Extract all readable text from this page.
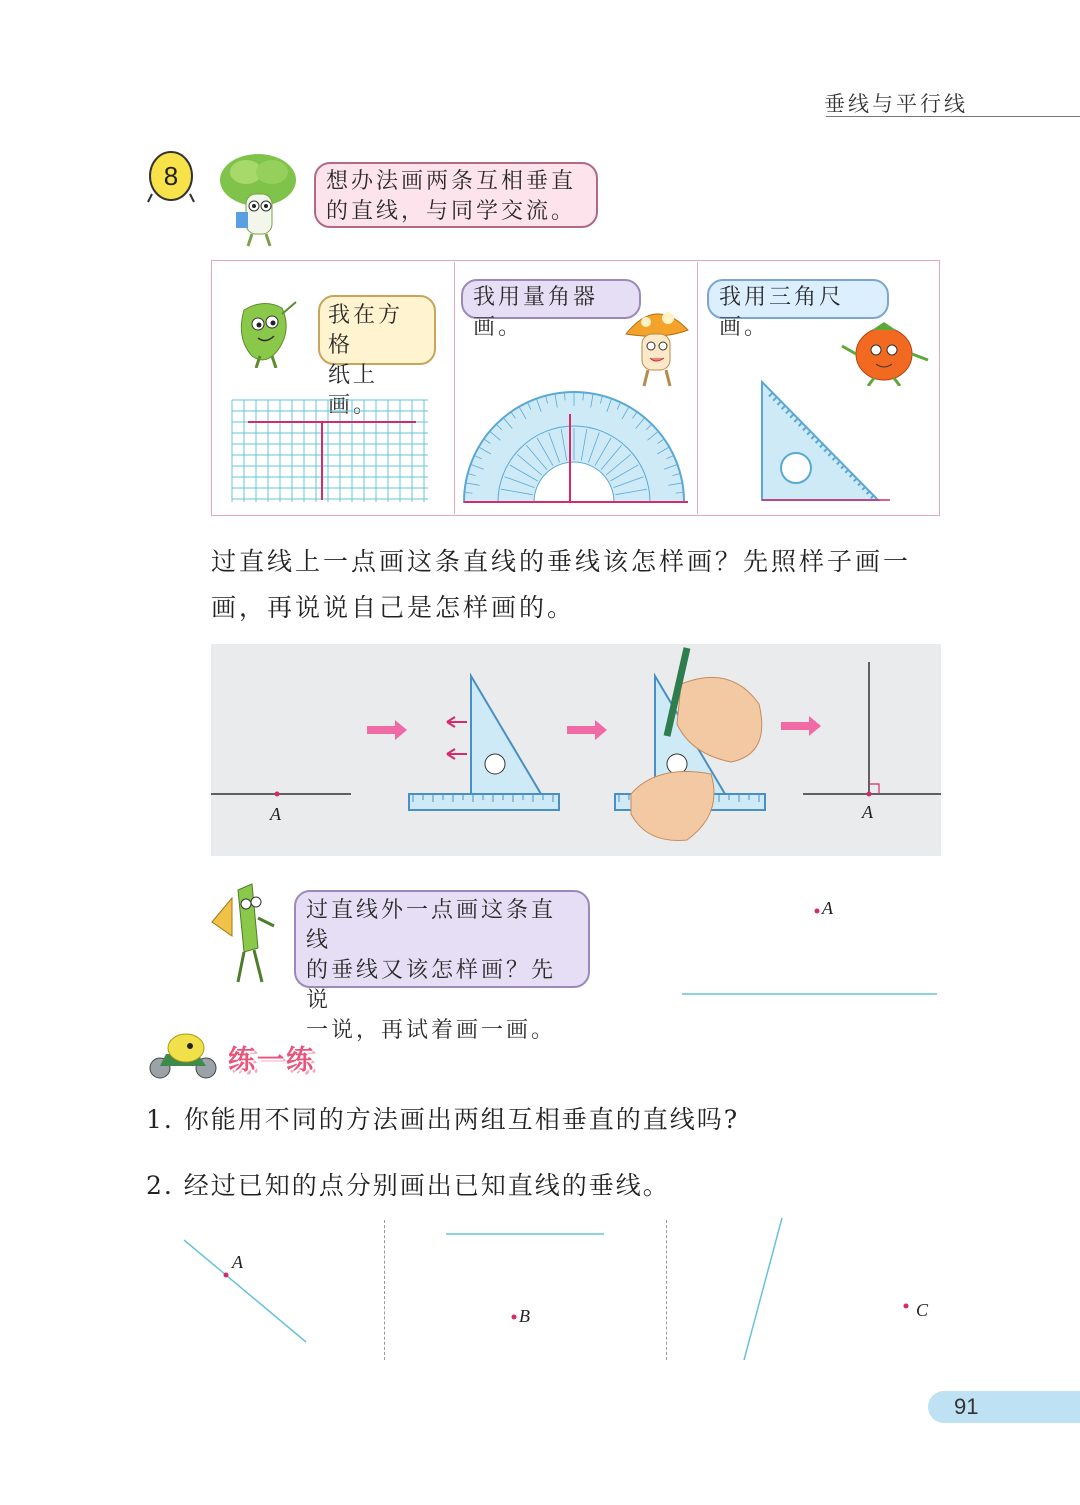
垂线与平行线
8	想办法画两条互相垂直
的直线，与同学交流。
我在方格
纸上画。
我用量角器画。
我用三角尺画。
过直线上一点画这条直线的垂线该怎样画？先照样子画一
画，再说说自己是怎样画的。
A	A
过直线外一点画这条直线
的垂线又该怎样画？先说
一说，再试着画一画。
A
练一练
1. 你能用不同的方法画出两组互相垂直的直线吗?
2. 经过已知的点分别画出已知直线的垂线。
A
B	C
91
